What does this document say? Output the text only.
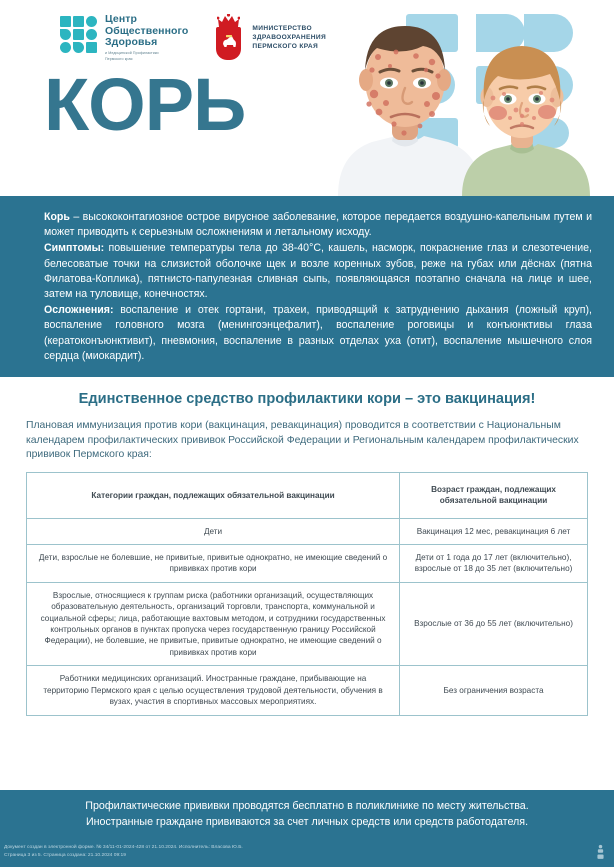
Центр
Общественного
Здоровья
и Медицинской Профилактики
Пермского края
МИНИСТЕРСТВО
ЗДРАВООХРАНЕНИЯ
ПЕРМСКОГО КРАЯ
КОРЬ

Корь – высококонтагиозное острое вирусное заболевание, которое передается воздушно-капельным путем и может приводить к серьезным осложнениям и летальному исходу.

Симптомы: повышение температуры тела до 38-40°C, кашель, насморк, покраснение глаз и слезотечение, белесоватые точки на слизистой оболочке щек и возле коренных зубов, реже на губах или дёснах (пятна Филатова-Коплика), пятнисто-папулезная сливная сыпь, появляющаяся поэтапно сначала на лице и шее, затем на туловище, конечностях.

Осложнения: воспаление и отек гортани, трахеи, приводящий к затруднению дыхания (ложный круп), воспаление головного мозга (менингоэнцефалит), воспаление роговицы и конъюнктивы глаза (кератоконъюнктивит), пневмония, воспаление в разных отделах уха (отит), воспаление мышечного слоя сердца (миокардит).

Единственное средство профилактики кори – это вакцинация!
Плановая иммунизация против кори (вакцинация, ревакцинация) проводится в соответствии с Национальным календарем профилактических прививок Российской Федерации и Региональным календарем профилактических прививок Пермского края:
Категории граждан, подлежащих обязательной вакцинации	Возраст граждан, подлежащих обязательной вакцинации
Дети	Вакцинация 12 мес, ревакцинация 6 лет
Дети, взрослые не болевшие, не привитые, привитые однократно, не имеющие сведений о прививках против кори	Дети от 1 года до 17 лет (включительно), взрослые от 18 до 35 лет (включительно)
Взрослые, относящиеся к группам риска (работники организаций, осуществляющих образовательную деятельность, организаций торговли, транспорта, коммунальной и социальной сферы; лица, работающие вахтовым методом, и сотрудники государственных контрольных органов в пунктах пропуска через государственную границу Российской Федерации), не болевшие, не привитые, привитые однократно, не имеющие сведений о прививках против кори	Взрослые от 36 до 55 лет (включительно)
Работники медицинских организаций. Иностранные граждане, прибывающие на территорию Пермского края с целью осуществления трудовой деятельности, обучения в вузах, участия в спортивных массовых мероприятиях.	Без ограничения возраста

Профилактические прививки проводятся бесплатно в поликлинике по месту жительства.

Иностранные граждане прививаются за счет личных средств или средств работодателя.

Документ создан в электронной форме. № 34/11-01-2024-428 от 21.10.2024. Исполнитель: Власова Ю.Б.
Страница 3 из 5. Страница создана: 21.10.2024 09:19
